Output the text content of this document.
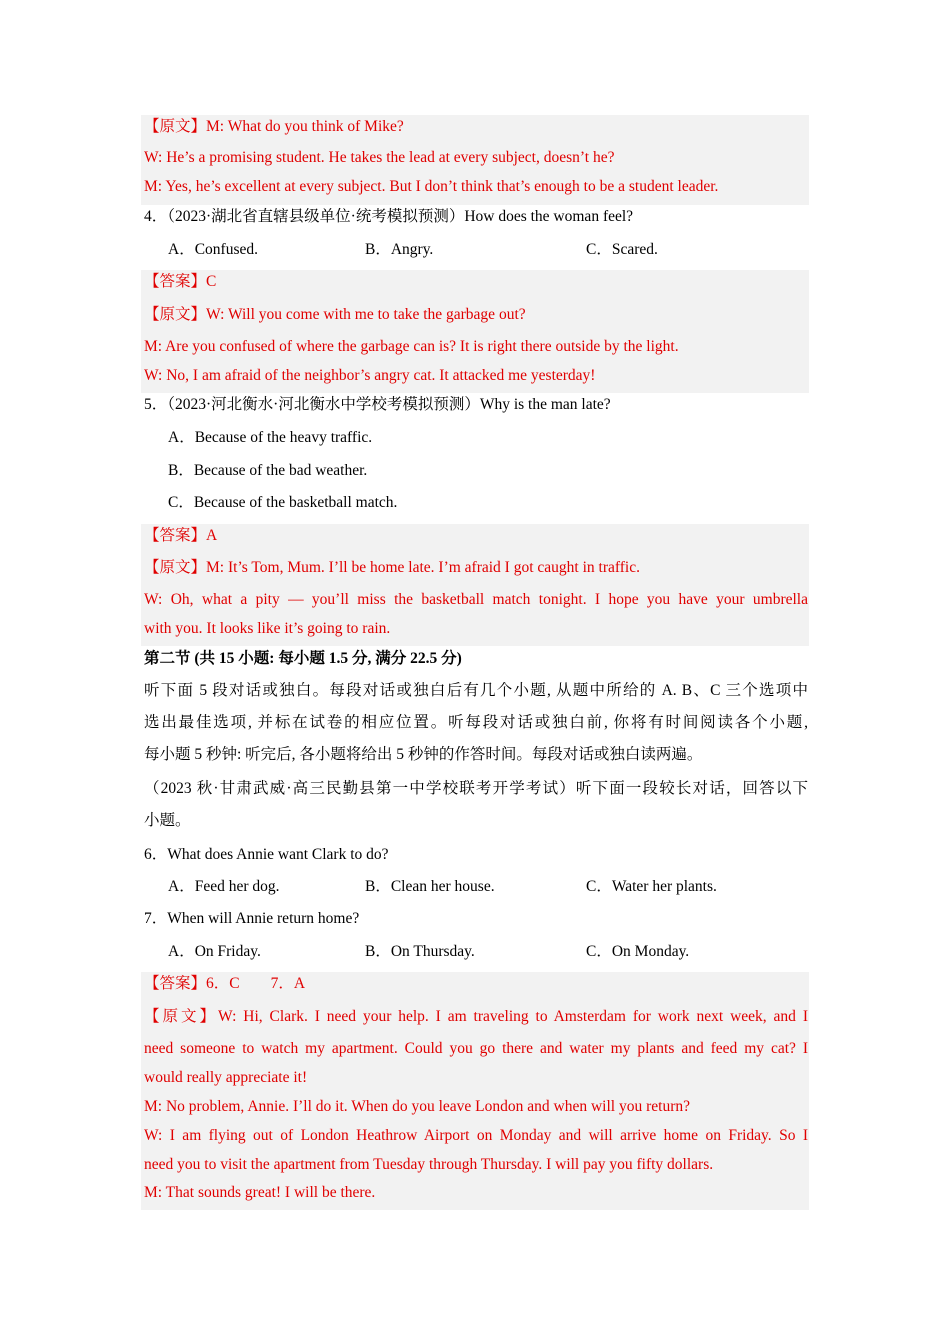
【原文】M: What do you think of Mike?
W: He’s a promising student. He takes the lead at every subject, doesn’t he?
M: Yes, he’s excellent at every subject. But I don’t think that’s enough to be a student leader.
4．（2023·湖北省直辖县级单位·统考模拟预测）How does the woman feel?
A．Confused.	B．Angry.	C．Scared.
【答案】C
【原文】W: Will you come with me to take the garbage out?
M: Are you confused of where the garbage can is? It is right there outside by the light.
W: No, I am afraid of the neighbor’s angry cat. It attacked me yesterday!
5．（2023·河北衡水·河北衡水中学校考模拟预测）Why is the man late?
A．Because of the heavy traffic.
B．Because of the bad weather.
C．Because of the basketball match.
【答案】A
【原文】M: It’s Tom, Mum. I’ll be home late. I’m afraid I got caught in traffic.
W: Oh, what a pity — you’ll miss the basketball match tonight. I hope you have your umbrella
with you. It looks like it’s going to rain.
第二节 (共 15 小题: 每小题 1.5 分, 满分 22.5 分)
听下面 5 段对话或独白。每段对话或独白后有几个小题, 从题中所给的 A. B、C 三个选项中
选出最佳选项, 并标在试卷的相应位置。听每段对话或独白前, 你将有时间阅读各个小题,
每小题 5 秒钟: 听完后, 各小题将给出 5 秒钟的作答时间。每段对话或独白读两遍。
（2023 秋·甘肃武威·高三民勤县第一中学校联考开学考试）听下面一段较长对话，回答以下
小题。
6．What does Annie want Clark to do?
A．Feed her dog.	B．Clean her house.	C．Water her plants.
7．When will Annie return home?
A．On Friday.	B．On Thursday.	C．On Monday.
【答案】6．C　　7．A
【原文】W: Hi, Clark. I need your help. I am traveling to Amsterdam for work next week, and I
need someone to watch my apartment. Could you go there and water my plants and feed my cat? I
would really appreciate it!
M: No problem, Annie. I’ll do it. When do you leave London and when will you return?
W: I am flying out of London Heathrow Airport on Monday and will arrive home on Friday. So I
need you to visit the apartment from Tuesday through Thursday. I will pay you fifty dollars.
M: That sounds great! I will be there.
